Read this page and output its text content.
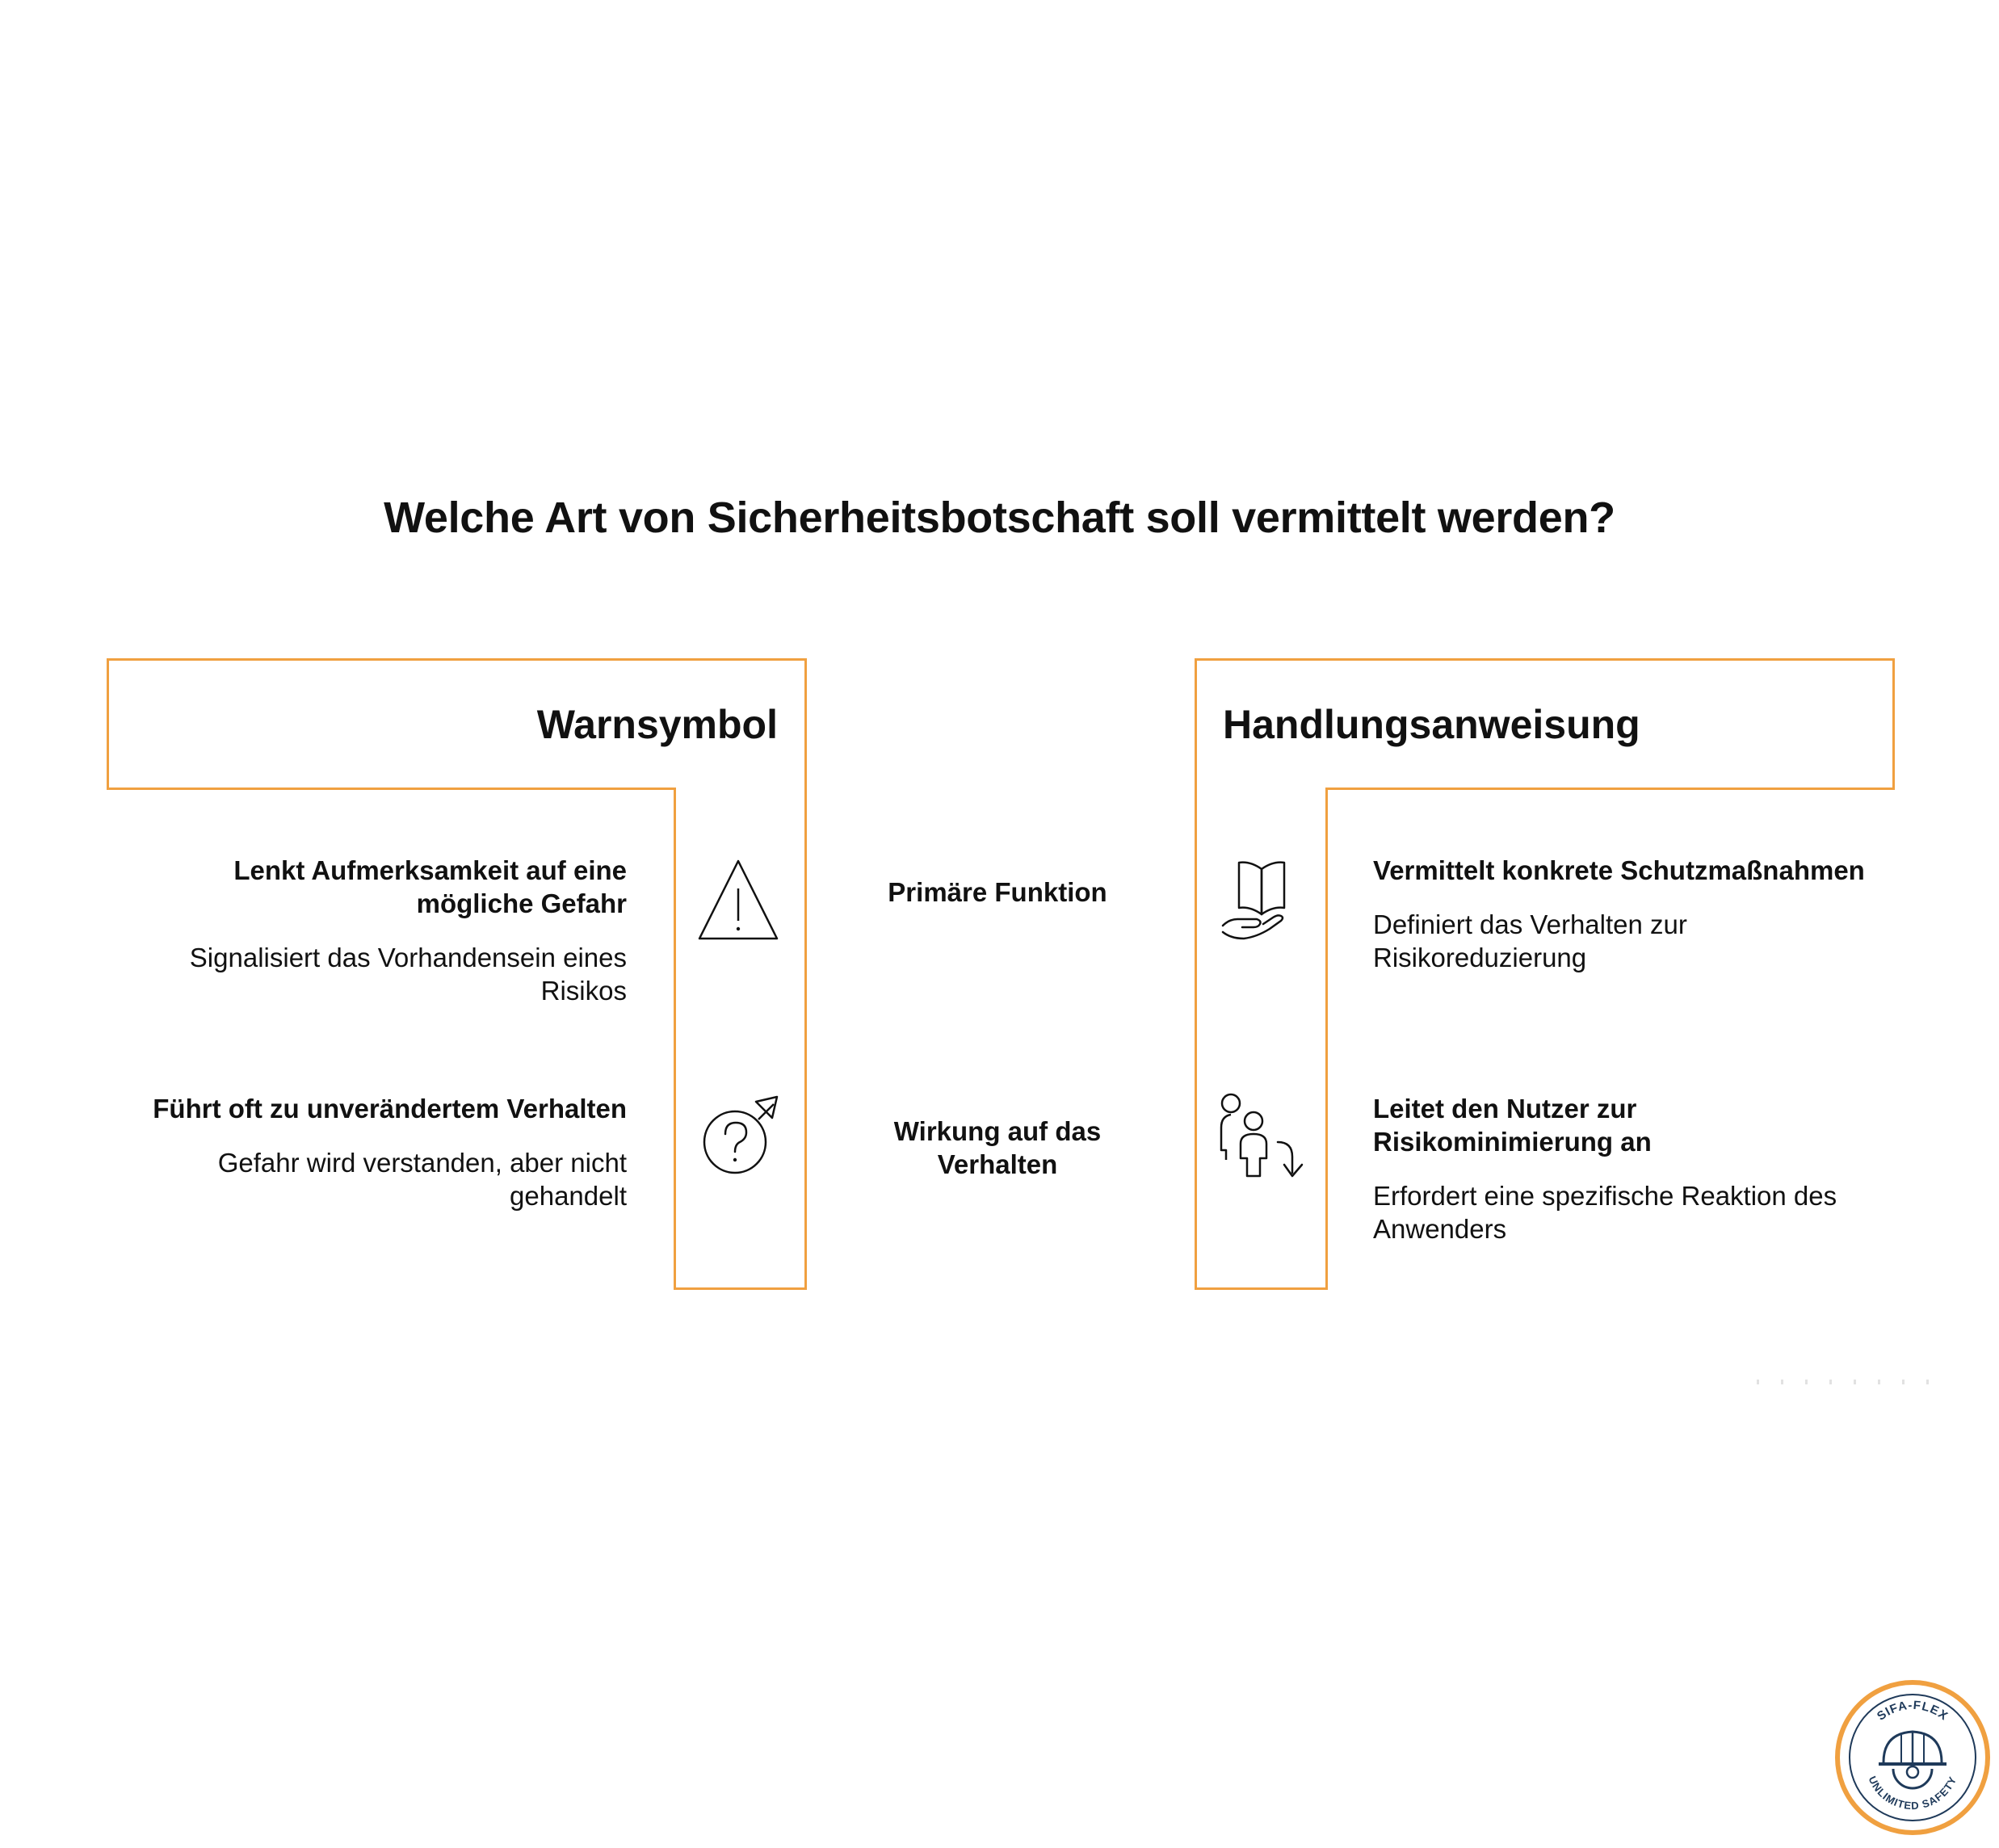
Welche Art von Sicherheitsbotschaft soll vermittelt werden?
Warnsymbol
Lenkt Aufmerksamkeit auf eine
mögliche Gefahr
Signalisiert das Vorhandensein eines
Risikos
Führt oft zu unverändertem Verhalten
Gefahr wird verstanden, aber nicht
gehandelt
Primäre Funktion
Wirkung auf das
Verhalten
Handlungsanweisung
Vermittelt konkrete Schutzmaßnahmen
Definiert das Verhalten zur
Risikoreduzierung
Leitet den Nutzer zur
Risikominimierung an
Erfordert eine spezifische Reaktion des
Anwenders
SIFA-FLEX
UNLIMITED SAFETY
